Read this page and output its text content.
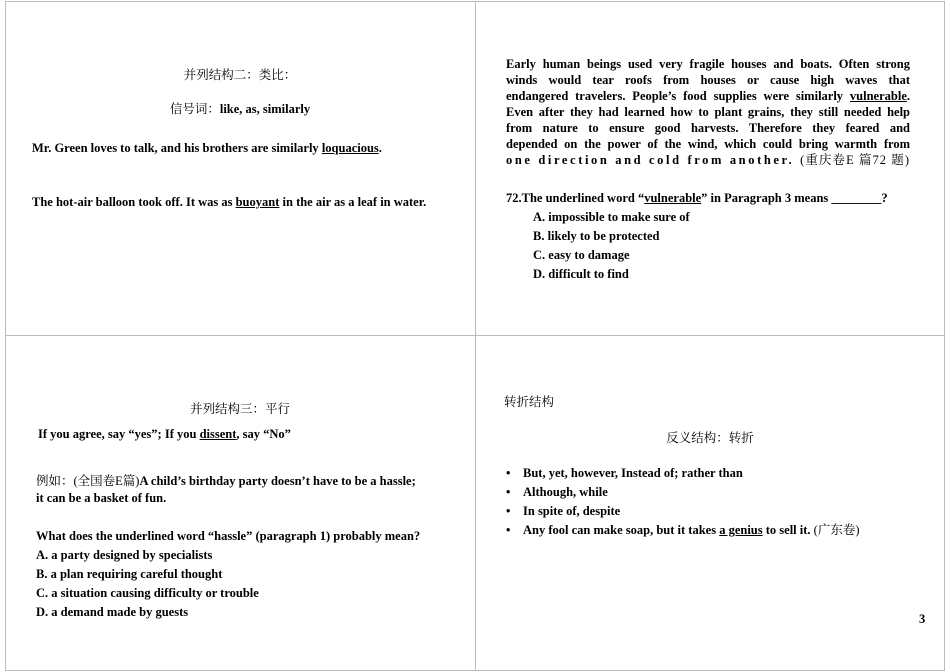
并列结构二：类比：
信号词：like, as, similarly
Mr. Green loves to talk, and his brothers are similarly loquacious.
The hot-air balloon took off. It was as buoyant in the air as a leaf in water.
Early human beings used very fragile houses and boats. Often strong
winds would tear roofs from houses or cause high waves that
endangered travelers. People’s food supplies were similarly vulnerable.
Even after they had learned how to plant grains, they still needed help
from nature to ensure good harvests. Therefore they feared and
depended on the power of the wind, which could bring warmth from
one direction and cold from another. (重庆卷E 篇72 题)
72.The underlined word “vulnerable” in Paragraph 3 means ________?
A. impossible to make sure of
B. likely to be protected
C. easy to damage
D. difficult to find
并列结构三：平行
If you agree, say “yes”; If you dissent, say “No”
例如：(全国卷E篇)A child’s birthday party doesn’t have to be a hassle;
it can be a basket of fun.
What does the underlined word “hassle” (paragraph 1) probably mean?
A. a party designed by specialists
B. a plan requiring careful thought
C. a situation causing difficulty or trouble
D. a demand made by guests
转折结构
反义结构：转折
• But, yet, however, Instead of; rather than
• Although, while
• In spite of, despite
• Any fool can make soap, but it takes a genius to sell it. (广东卷)
3
